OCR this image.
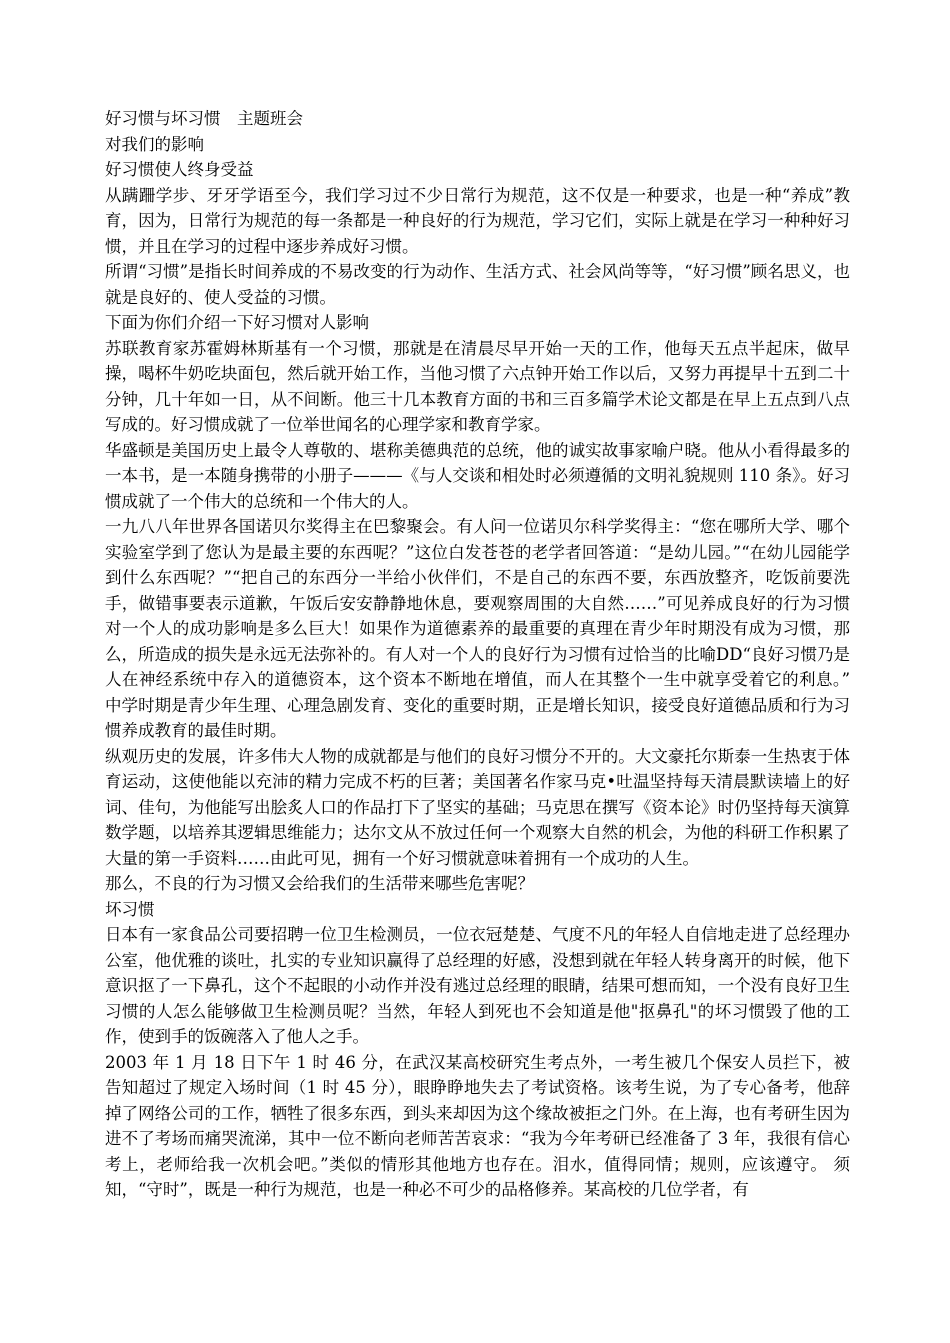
好习惯与坏习惯　主题班会
对我们的影响
好习惯使人终身受益
从蹒跚学步、牙牙学语至今，我们学习过不少日常行为规范，这不仅是一种要求，也是一种“养成”教育，因为，日常行为规范的每一条都是一种良好的行为规范，学习它们，实际上就是在学习一种种好习惯，并且在学习的过程中逐步养成好习惯。
所谓“习惯”是指长时间养成的不易改变的行为动作、生活方式、社会风尚等等，“好习惯”顾名思义，也就是良好的、使人受益的习惯。
下面为你们介绍一下好习惯对人影响
苏联教育家苏霍姆林斯基有一个习惯，那就是在清晨尽早开始一天的工作，他每天五点半起床，做早操，喝杯牛奶吃块面包，然后就开始工作，当他习惯了六点钟开始工作以后，又努力再提早十五到二十分钟，几十年如一日，从不间断。他三十几本教育方面的书和三百多篇学术论文都是在早上五点到八点写成的。好习惯成就了一位举世闻名的心理学家和教育学家。
华盛顿是美国历史上最令人尊敬的、堪称美德典范的总统，他的诚实故事家喻户晓。他从小看得最多的一本书，是一本随身携带的小册子———《与人交谈和相处时必须遵循的文明礼貌规则 110 条》。好习惯成就了一个伟大的总统和一个伟大的人。
一九八八年世界各国诺贝尔奖得主在巴黎聚会。有人问一位诺贝尔科学奖得主：“您在哪所大学、哪个实验室学到了您认为是最主要的东西呢？”这位白发苍苍的老学者回答道：“是幼儿园。”“在幼儿园能学到什么东西呢？”“把自己的东西分一半给小伙伴们，不是自己的东西不要，东西放整齐，吃饭前要洗手，做错事要表示道歉，午饭后安安静静地休息，要观察周围的大自然……”可见养成良好的行为习惯对一个人的成功影响是多么巨大！如果作为道德素养的最重要的真理在青少年时期没有成为习惯，那么，所造成的损失是永远无法弥补的。有人对一个人的良好行为习惯有过恰当的比喻DD“良好习惯乃是人在神经系统中存入的道德资本，这个资本不断地在增值，而人在其整个一生中就享受着它的利息。” 中学时期是青少年生理、心理急剧发育、变化的重要时期，正是增长知识，接受良好道德品质和行为习惯养成教育的最佳时期。
纵观历史的发展，许多伟大人物的成就都是与他们的良好习惯分不开的。大文豪托尔斯泰一生热衷于体育运动，这使他能以充沛的精力完成不朽的巨著；美国著名作家马克•吐温坚持每天清晨默读墙上的好词、佳句，为他能写出脍炙人口的作品打下了坚实的基础；马克思在撰写《资本论》时仍坚持每天演算数学题，以培养其逻辑思维能力；达尔文从不放过任何一个观察大自然的机会，为他的科研工作积累了大量的第一手资料……由此可见，拥有一个好习惯就意味着拥有一个成功的人生。
那么，不良的行为习惯又会给我们的生活带来哪些危害呢？
坏习惯
日本有一家食品公司要招聘一位卫生检测员，一位衣冠楚楚、气度不凡的年轻人自信地走进了总经理办公室，他优雅的谈吐，扎实的专业知识赢得了总经理的好感，没想到就在年轻人转身离开的时候，他下意识抠了一下鼻孔，这个不起眼的小动作并没有逃过总经理的眼睛，结果可想而知，一个没有良好卫生习惯的人怎么能够做卫生检测员呢？当然，年轻人到死也不会知道是他"抠鼻孔"的坏习惯毁了他的工作，使到手的饭碗落入了他人之手。
2003 年 1 月 18 日下午 1 时 46 分，在武汉某高校研究生考点外，一考生被几个保安人员拦下，被告知超过了规定入场时间（1 时 45 分），眼睁睁地失去了考试资格。该考生说，为了专心备考，他辞掉了网络公司的工作，牺牲了很多东西，到头来却因为这个缘故被拒之门外。在上海，也有考研生因为进不了考场而痛哭流涕，其中一位不断向老师苦苦哀求：“我为今年考研已经准备了 3 年，我很有信心考上，老师给我一次机会吧。”类似的情形其他地方也存在。泪水，值得同情；规则，应该遵守。 须知，“守时”，既是一种行为规范，也是一种必不可少的品格修养。某高校的几位学者，有
